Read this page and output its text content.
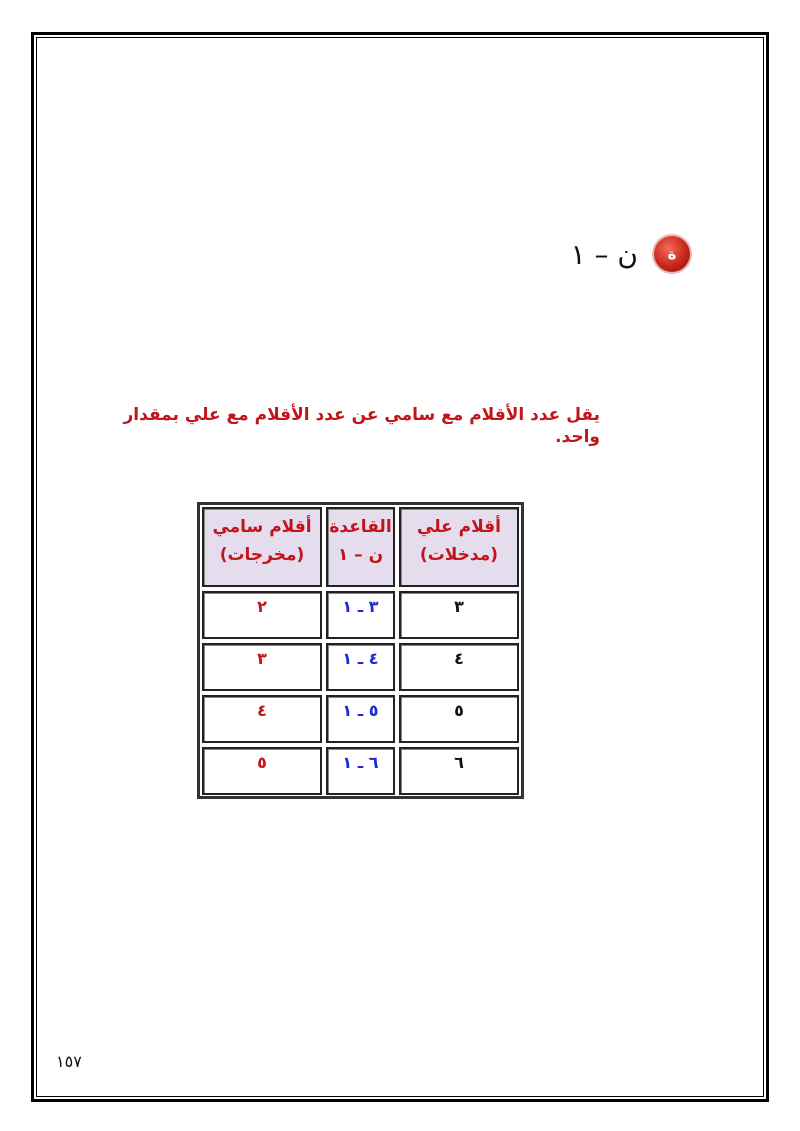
ة
ن – ١
يقل عدد الأقلام مع سامي عن عدد الأقلام مع علي بمقدار واحد.
أقلام علي
(مدخلات)
القاعدة
ن – ١
أقلام سامي
(مخرجات)
٣
٣ ـ ١
٢
٤
٤ ـ ١
٣
٥
٥ ـ ١
٤
٦
٦ ـ ١
٥
١٥٧
